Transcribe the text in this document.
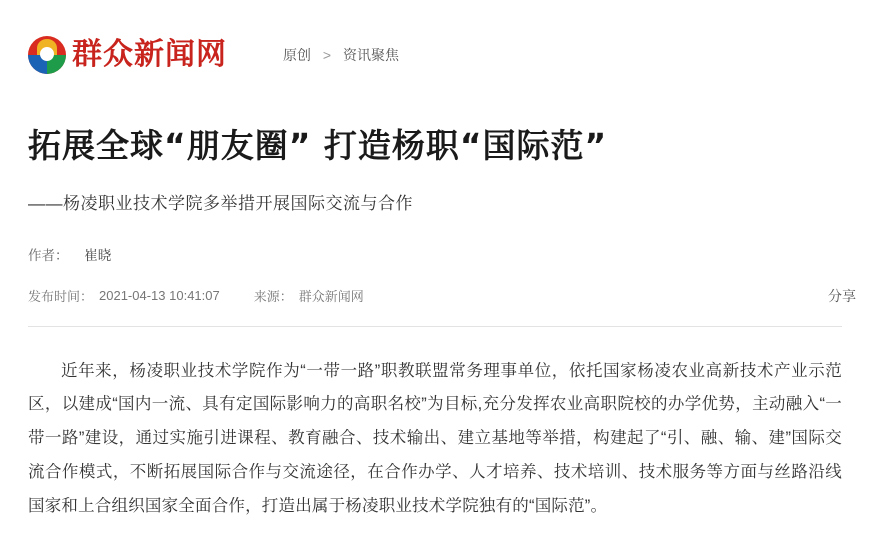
群众新闻网	原创 > 资讯聚焦
拓展全球“朋友圈” 打造杨职“国际范”
——杨凌职业技术学院多举措开展国际交流与合作
作者： 崔晓
发布时间： 2021-04-13 10:41:07	来源： 群众新闻网	分享

近年来，杨凌职业技术学院作为“一带一路”职教联盟常务理事单位，依托国家杨凌农业高新技术产业示范区，以建成“国内一流、具有定国际影响力的高职名校”为目标,充分发挥农业高职院校的办学优势，主动融入“一带一路”建设，通过实施引进课程、教育融合、技术输出、建立基地等举措，构建起了“引、融、输、建”国际交流合作模式，不断拓展国际合作与交流途径，在合作办学、人才培养、技术培训、技术服务等方面与丝路沿线国家和上合组织国家全面合作，打造出属于杨凌职业技术学院独有的“国际范”。
